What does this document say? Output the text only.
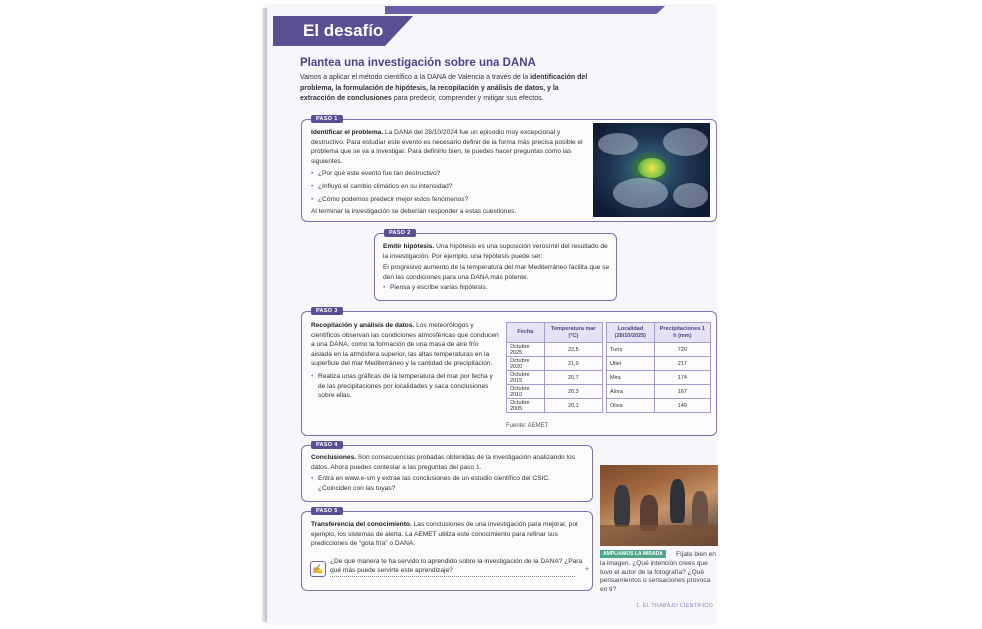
El desafío
Plantea una investigación sobre una DANA
Vamos a aplicar el método científico a la DANA de Valencia a través de la identificación del problema, la formulación de hipótesis, la recopilación y análisis de datos, y la extracción de conclusiones para predecir, comprender y mitigar sus efectos.
PASO 1
Identificar el problema. La DANA del 28/10/2024 fue un episodio muy excepcional y destructivo. Para estudiar este evento es necesario definir de la forma más precisa posible el problema que se va a investigar. Para definirlo bien, te puedes hacer preguntas como las siguientes.
• ¿Por qué este evento fue tan destructivo?
• ¿Influyó el cambio climático en su intensidad?
• ¿Cómo podemos predecir mejor estos fenómenos?
Al terminar la investigación se deberían responder a estas cuestiones.
PASO 2
Emitir hipótesis. Una hipótesis es una suposición verosímil del resultado de la investigación. Por ejemplo, una hipótesis puede ser:
El progresivo aumento de la temperatura del mar Mediterráneo facilita que se den las condiciones para una DANA más potente.
• Piensa y escribe varias hipótesis.
PASO 3
Recopilación y análisis de datos. Los meteorólogos y científicos observan las condiciones atmosféricas que conducen a una DANA, como la formación de una masa de aire frío aislada en la atmósfera superior, las altas temperaturas en la superficie del mar Mediterráneo y la cantidad de precipitación.
• Realiza unas gráficas de la temperatura del mar por fecha y de las precipitaciones por localidades y saca conclusiones sobre ellas.
Fecha	Temperatura mar (°C)
Octubre 2025	22,5
Octubre 2020	21,0
Octubre 2015	20,7
Octubre 2010	20,3
Octubre 2005	20,1
Localidad (28/10/2025)	Precipitaciones 1 h (mm)
Turís	720
Utiel	217
Mira	174
Álora	167
Oliva	149
Fuente: AEMET
PASO 4
Conclusiones. Son consecuencias probadas obtenidas de la investigación analizando los datos. Ahora puedes contestar a las preguntas del paso 1.
• Entra en www.e-sm y extrae las conclusiones de un estudio científico del CSIC. ¿Coinciden con las tuyas?
PASO 5
Transferencia del conocimiento. Las conclusiones de una investigación para mejorar, por ejemplo, los sistemas de alerta. La AEMET utiliza este conocimiento para refinar sus predicciones de “gota fría” o DANA.
✍
¿De qué manera te ha servido lo aprendido sobre la investigación de la DANA? ¿Para qué más puede servirte este aprendizaje?	+
AMPLIAMOS LA MIRADA	Fíjate bien en la imagen. ¿Qué intención crees que tuvo el autor de la fotografía? ¿Qué pensamientos o sensaciones provoca en ti?
1. EL TRABAJO CIENTÍFICO
